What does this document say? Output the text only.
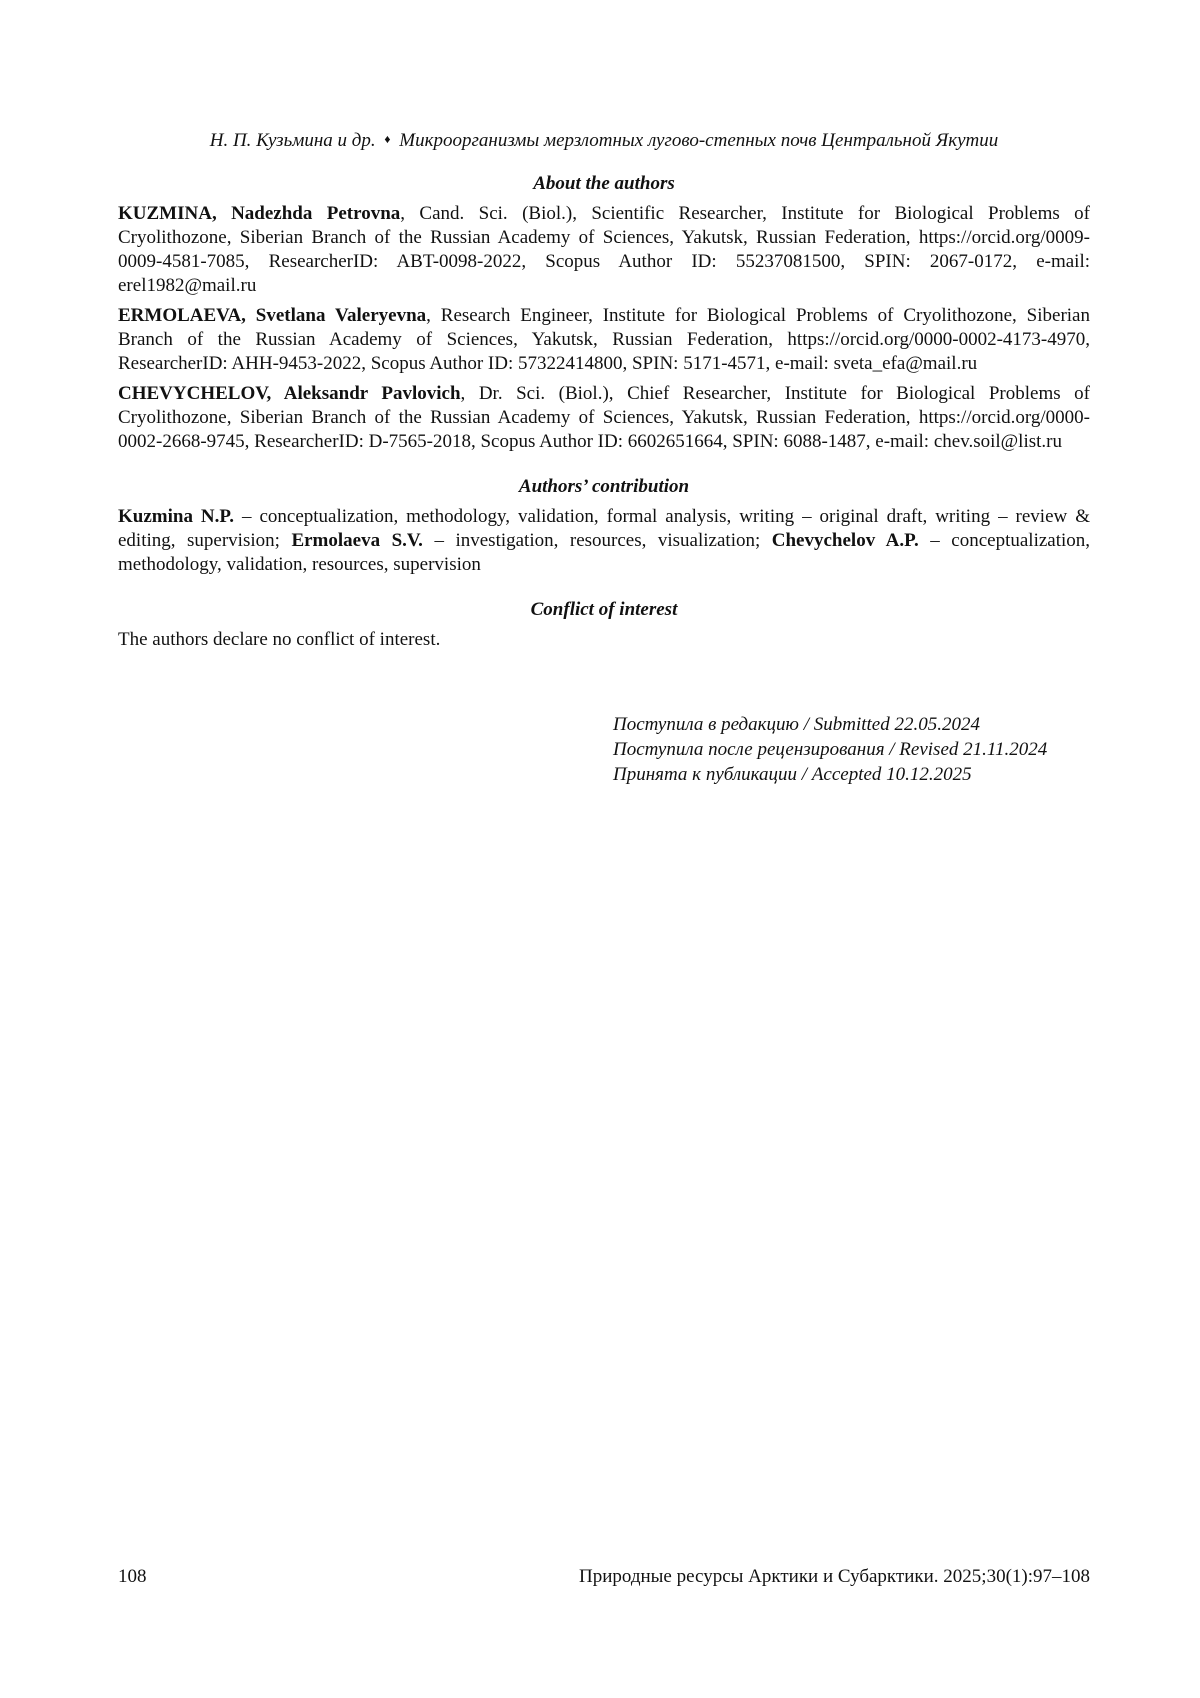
Н. П. Кузьмина и др. ♦ Микроорганизмы мерзлотных лугово-степных почв Центральной Якутии
About the authors

KUZMINA, Nadezhda Petrovna, Cand. Sci. (Biol.), Scientific Researcher, Institute for Biological Problems of Cryolithozone, Siberian Branch of the Russian Academy of Sciences, Yakutsk, Russian Federation, https://orcid.org/0009-0009-4581-7085, ResearcherID: ABT-0098-2022, Scopus Author ID: 55237081500, SPIN: 2067-0172, e-mail: erel1982@mail.ru

ERMOLAEVA, Svetlana Valeryevna, Research Engineer, Institute for Biological Problems of Cryolithozone, Siberian Branch of the Russian Academy of Sciences, Yakutsk, Russian Federation, https://orcid.org/0000-0002-4173-4970, ResearcherID: AHH-9453-2022, Scopus Author ID: 57322414800, SPIN: 5171-4571, e-mail: sveta_efa@mail.ru

CHEVYCHELOV, Aleksandr Pavlovich, Dr. Sci. (Biol.), Chief Researcher, Institute for Biological Problems of Cryolithozone, Siberian Branch of the Russian Academy of Sciences, Yakutsk, Russian Federation, https://orcid.org/0000-0002-2668-9745, ResearcherID: D-7565-2018, Scopus Author ID: 6602651664, SPIN: 6088-1487, e-mail: chev.soil@list.ru

Authors’ contribution

Kuzmina N.P. – conceptualization, methodology, validation, formal analysis, writing – original draft, writing – review & editing, supervision; Ermolaeva S.V. – investigation, resources, visualization; Chevychelov A.P. – conceptualization, methodology, validation, resources, supervision

Conflict of interest

The authors declare no conflict of interest.

Поступила в редакцию / Submitted 22.05.2024
Поступила после рецензирования / Revised 21.11.2024
Принята к публикации / Accepted 10.12.2025
108	Природные ресурсы Арктики и Субарктики. 2025;30(1):97–108
